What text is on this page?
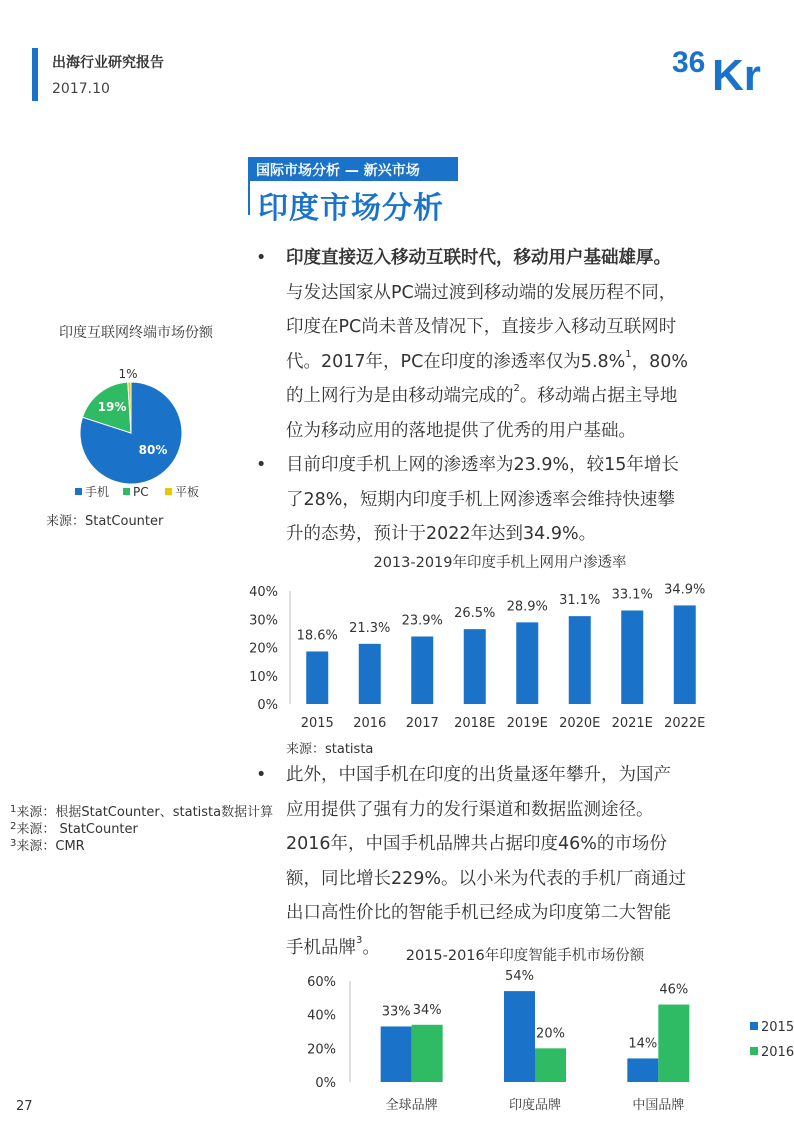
出海行业研究报告
2017.10
36 Kr
国际市场分析 — 新兴市场
印度市场分析
• 印度直接迈入移动互联时代，移动用户基础雄厚。
与发达国家从PC端过渡到移动端的发展历程不同，
印度在PC尚未普及情况下，直接步入移动互联网时
代。2017年，PC在印度的渗透率仅为5.8%$^1$，80%
的上网行为是由移动端完成的$^2$。移动端占据主导地
位为移动应用的落地提供了优秀的用户基础。
• 目前印度手机上网的渗透率为23.9%，较15年增长
了28%，短期内印度手机上网渗透率会维持快速攀
升的态势，预计于2022年达到34.9%。
• 此外，中国手机在印度的出货量逐年攀升，为国产
应用提供了强有力的发行渠道和数据监测途径。
2016年，中国手机品牌共占据印度46%的市场份
额，同比增长229%。以小米为代表的手机厂商通过
出口高性价比的智能手机已经成为印度第二大智能
手机品牌$^3$。
印度互联网终端市场份额
80%
19%
1%
手机 PC 平板
来源：StatCounter
$^1$来源：根据StatCounter、statista数据计算
$^2$来源： StatCounter
$^3$来源：CMR
2013-2019年印度手机上网用户渗透率
0%
10%
20%
30%
40%
18.6%
2015
21.3%
2016
23.9%
2017
26.5%
2018E
28.9%
2019E
31.1%
2020E
33.1%
2021E
34.9%
2022E
来源：statista
2015-2016年印度智能手机市场份额
0%
20%
40%
60%
33% 34%
全球品牌
54%
20%
印度品牌
14%
46%
中国品牌
2015
2016
27
